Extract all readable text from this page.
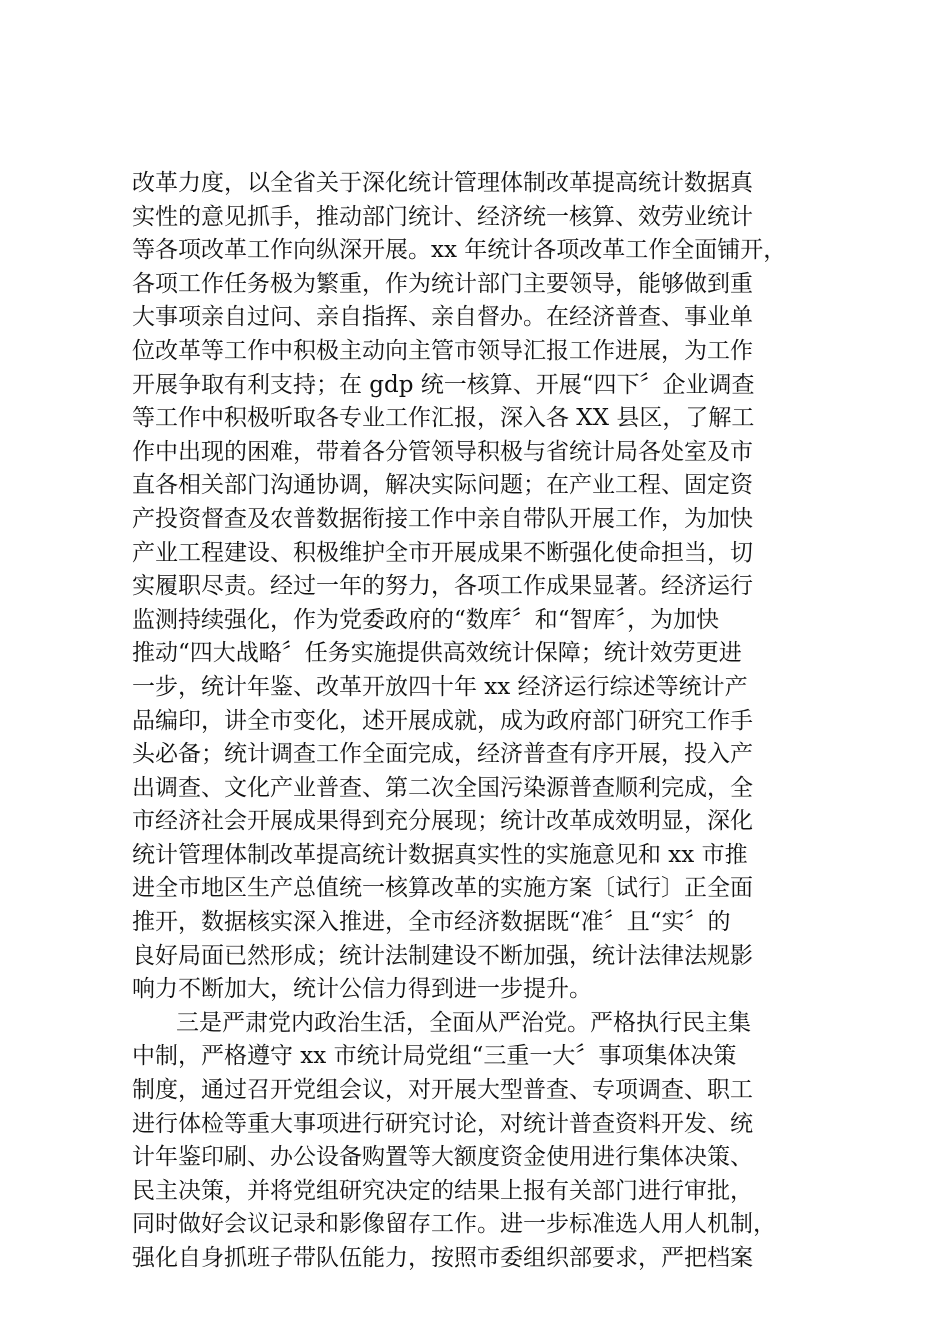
改革力度，以全省关于深化统计管理体制改革提高统计数据真
实性的意见抓手，推动部门统计、经济统一核算、效劳业统计
等各项改革工作向纵深开展。xx 年统计各项改革工作全面铺开，
各项工作任务极为繁重，作为统计部门主要领导，能够做到重
大事项亲自过问、亲自指挥、亲自督办。在经济普查、事业单
位改革等工作中积极主动向主管市领导汇报工作进展，为工作
开展争取有利支持；在 gdp 统一核算、开展“四下〞企业调查
等工作中积极听取各专业工作汇报，深入各 XX 县区，了解工
作中出现的困难，带着各分管领导积极与省统计局各处室及市
直各相关部门沟通协调，解决实际问题；在产业工程、固定资
产投资督查及农普数据衔接工作中亲自带队开展工作，为加快
产业工程建设、积极维护全市开展成果不断强化使命担当，切
实履职尽责。经过一年的努力，各项工作成果显著。经济运行
监测持续强化，作为党委政府的“数库〞和“智库〞，为加快
推动“四大战略〞任务实施提供高效统计保障；统计效劳更进
一步，统计年鉴、改革开放四十年 xx 经济运行综述等统计产
品编印，讲全市变化，述开展成就，成为政府部门研究工作手
头必备；统计调查工作全面完成，经济普查有序开展，投入产
出调查、文化产业普查、第二次全国污染源普查顺利完成，全
市经济社会开展成果得到充分展现；统计改革成效明显，深化
统计管理体制改革提高统计数据真实性的实施意见和 xx 市推
进全市地区生产总值统一核算改革的实施方案〔试行〕正全面
推开，数据核实深入推进，全市经济数据既“准〞且“实〞的
良好局面已然形成；统计法制建设不断加强，统计法律法规影
响力不断加大，统计公信力得到进一步提升。
三是严肃党内政治生活，全面从严治党。严格执行民主集
中制，严格遵守 xx 市统计局党组“三重一大〞事项集体决策
制度，通过召开党组会议，对开展大型普查、专项调查、职工
进行体检等重大事项进行研究讨论，对统计普查资料开发、统
计年鉴印刷、办公设备购置等大额度资金使用进行集体决策、
民主决策，并将党组研究决定的结果上报有关部门进行审批，
同时做好会议记录和影像留存工作。进一步标准选人用人机制，
强化自身抓班子带队伍能力，按照市委组织部要求，严把档案
